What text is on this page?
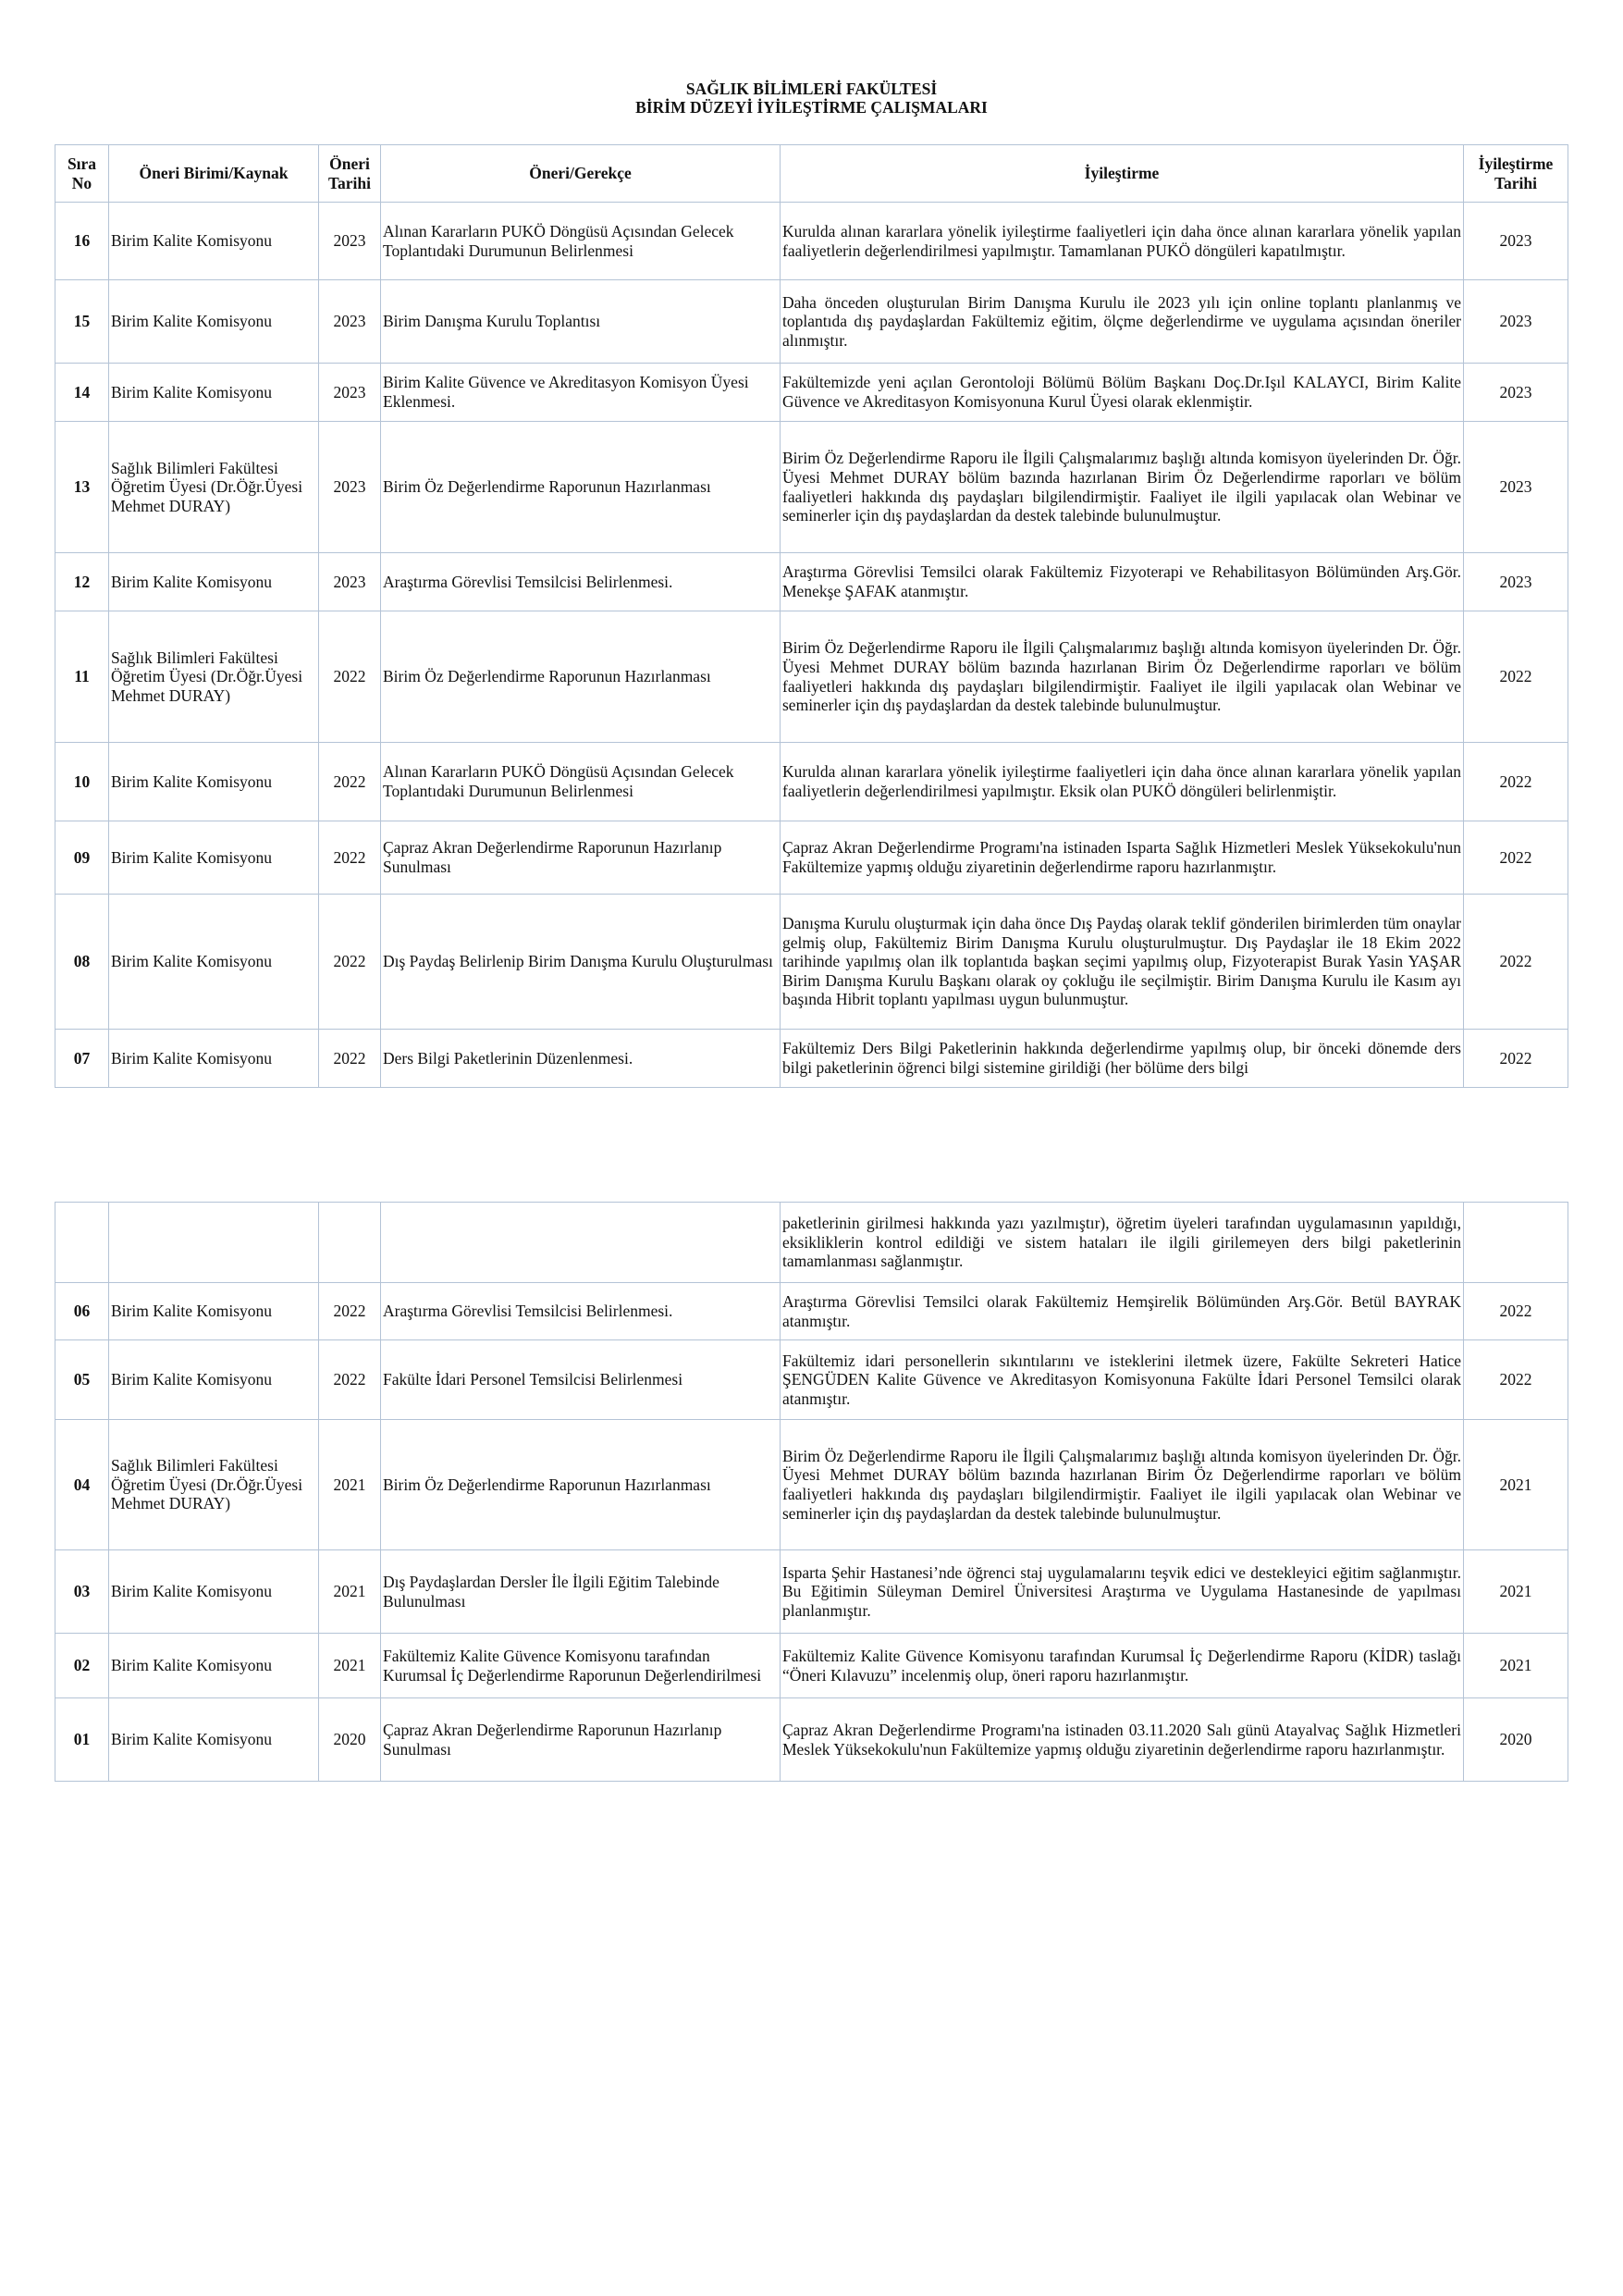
SAĞLIK BİLİMLERİ FAKÜLTESİ
BİRİM DÜZEYİ İYİLEŞTİRME ÇALIŞMALARI
Sıra No	Öneri Birimi/Kaynak	Öneri Tarihi	Öneri/Gerekçe	İyileştirme	İyileştirme Tarihi
16	Birim Kalite Komisyonu	2023	Alınan Kararların PUKÖ Döngüsü Açısından Gelecek Toplantıdaki Durumunun Belirlenmesi	Kurulda alınan kararlara yönelik iyileştirme faaliyetleri için daha önce alınan kararlara yönelik yapılan faaliyetlerin değerlendirilmesi yapılmıştır. Tamamlanan PUKÖ döngüleri kapatılmıştır.	2023
15	Birim Kalite Komisyonu	2023	Birim Danışma Kurulu Toplantısı	Daha önceden oluşturulan Birim Danışma Kurulu ile 2023 yılı için online toplantı planlanmış ve toplantıda dış paydaşlardan Fakültemiz eğitim, ölçme değerlendirme ve uygulama açısından öneriler alınmıştır.	2023
14	Birim Kalite Komisyonu	2023	Birim Kalite Güvence ve Akreditasyon Komisyon Üyesi Eklenmesi.	Fakültemizde yeni açılan Gerontoloji Bölümü Bölüm Başkanı Doç.Dr.Işıl KALAYCI, Birim Kalite Güvence ve Akreditasyon Komisyonuna Kurul Üyesi olarak eklenmiştir.	2023
13	Sağlık Bilimleri Fakültesi Öğretim Üyesi (Dr.Öğr.Üyesi Mehmet DURAY)	2023	Birim Öz Değerlendirme Raporunun Hazırlanması	Birim Öz Değerlendirme Raporu ile İlgili Çalışmalarımız başlığı altında komisyon üyelerinden Dr. Öğr. Üyesi Mehmet DURAY bölüm bazında hazırlanan Birim Öz Değerlendirme raporları ve bölüm faaliyetleri hakkında dış paydaşları bilgilendirmiştir. Faaliyet ile ilgili yapılacak olan Webinar ve seminerler için dış paydaşlardan da destek talebinde bulunulmuştur.	2023
12	Birim Kalite Komisyonu	2023	Araştırma Görevlisi Temsilcisi Belirlenmesi.	Araştırma Görevlisi Temsilci olarak Fakültemiz Fizyoterapi ve Rehabilitasyon Bölümünden Arş.Gör. Menekşe ŞAFAK atanmıştır.	2023
11	Sağlık Bilimleri Fakültesi Öğretim Üyesi (Dr.Öğr.Üyesi Mehmet DURAY)	2022	Birim Öz Değerlendirme Raporunun Hazırlanması	Birim Öz Değerlendirme Raporu ile İlgili Çalışmalarımız başlığı altında komisyon üyelerinden Dr. Öğr. Üyesi Mehmet DURAY bölüm bazında hazırlanan Birim Öz Değerlendirme raporları ve bölüm faaliyetleri hakkında dış paydaşları bilgilendirmiştir. Faaliyet ile ilgili yapılacak olan Webinar ve seminerler için dış paydaşlardan da destek talebinde bulunulmuştur.	2022
10	Birim Kalite Komisyonu	2022	Alınan Kararların PUKÖ Döngüsü Açısından Gelecek Toplantıdaki Durumunun Belirlenmesi	Kurulda alınan kararlara yönelik iyileştirme faaliyetleri için daha önce alınan kararlara yönelik yapılan faaliyetlerin değerlendirilmesi yapılmıştır. Eksik olan PUKÖ döngüleri belirlenmiştir.	2022
09	Birim Kalite Komisyonu	2022	Çapraz Akran Değerlendirme Raporunun Hazırlanıp Sunulması	Çapraz Akran Değerlendirme Programı'na istinaden Isparta Sağlık Hizmetleri Meslek Yüksekokulu'nun Fakültemize yapmış olduğu ziyaretinin değerlendirme raporu hazırlanmıştır.	2022
08	Birim Kalite Komisyonu	2022	Dış Paydaş Belirlenip Birim Danışma Kurulu Oluşturulması	Danışma Kurulu oluşturmak için daha önce Dış Paydaş olarak teklif gönderilen birimlerden tüm onaylar gelmiş olup, Fakültemiz Birim Danışma Kurulu oluşturulmuştur. Dış Paydaşlar ile 18 Ekim 2022 tarihinde yapılmış olan ilk toplantıda başkan seçimi yapılmış olup, Fizyoterapist Burak Yasin YAŞAR Birim Danışma Kurulu Başkanı olarak oy çokluğu ile seçilmiştir. Birim Danışma Kurulu ile Kasım ayı başında Hibrit toplantı yapılması uygun bulunmuştur.	2022
07	Birim Kalite Komisyonu	2022	Ders Bilgi Paketlerinin Düzenlenmesi.	Fakültemiz Ders Bilgi Paketlerinin hakkında değerlendirme yapılmış olup, bir önceki dönemde ders bilgi paketlerinin öğrenci bilgi sistemine girildiği (her bölüme ders bilgi	2022
				paketlerinin girilmesi hakkında yazı yazılmıştır), öğretim üyeleri tarafından uygulamasının yapıldığı, eksikliklerin kontrol edildiği ve sistem hataları ile ilgili girilemeyen ders bilgi paketlerinin tamamlanması sağlanmıştır.	
06	Birim Kalite Komisyonu	2022	Araştırma Görevlisi Temsilcisi Belirlenmesi.	Araştırma Görevlisi Temsilci olarak Fakültemiz Hemşirelik Bölümünden Arş.Gör. Betül BAYRAK atanmıştır.	2022
05	Birim Kalite Komisyonu	2022	Fakülte İdari Personel Temsilcisi Belirlenmesi	Fakültemiz idari personellerin sıkıntılarını ve isteklerini iletmek üzere, Fakülte Sekreteri Hatice ŞENGÜDEN Kalite Güvence ve Akreditasyon Komisyonuna Fakülte İdari Personel Temsilci olarak atanmıştır.	2022
04	Sağlık Bilimleri Fakültesi Öğretim Üyesi (Dr.Öğr.Üyesi Mehmet DURAY)	2021	Birim Öz Değerlendirme Raporunun Hazırlanması	Birim Öz Değerlendirme Raporu ile İlgili Çalışmalarımız başlığı altında komisyon üyelerinden Dr. Öğr. Üyesi Mehmet DURAY bölüm bazında hazırlanan Birim Öz Değerlendirme raporları ve bölüm faaliyetleri hakkında dış paydaşları bilgilendirmiştir. Faaliyet ile ilgili yapılacak olan Webinar ve seminerler için dış paydaşlardan da destek talebinde bulunulmuştur.	2021
03	Birim Kalite Komisyonu	2021	Dış Paydaşlardan Dersler İle İlgili Eğitim Talebinde Bulunulması	Isparta Şehir Hastanesi’nde öğrenci staj uygulamalarını teşvik edici ve destekleyici eğitim sağlanmıştır. Bu Eğitimin Süleyman Demirel Üniversitesi Araştırma ve Uygulama Hastanesinde de yapılması planlanmıştır.	2021
02	Birim Kalite Komisyonu	2021	Fakültemiz Kalite Güvence Komisyonu tarafından Kurumsal İç Değerlendirme Raporunun Değerlendirilmesi	Fakültemiz Kalite Güvence Komisyonu tarafından Kurumsal İç Değerlendirme Raporu (KİDR) taslağı “Öneri Kılavuzu” incelenmiş olup, öneri raporu hazırlanmıştır.	2021
01	Birim Kalite Komisyonu	2020	Çapraz Akran Değerlendirme Raporunun Hazırlanıp Sunulması	Çapraz Akran Değerlendirme Programı'na istinaden 03.11.2020 Salı günü Atayalvaç Sağlık Hizmetleri Meslek Yüksekokulu'nun Fakültemize yapmış olduğu ziyaretinin değerlendirme raporu hazırlanmıştır.	2020
